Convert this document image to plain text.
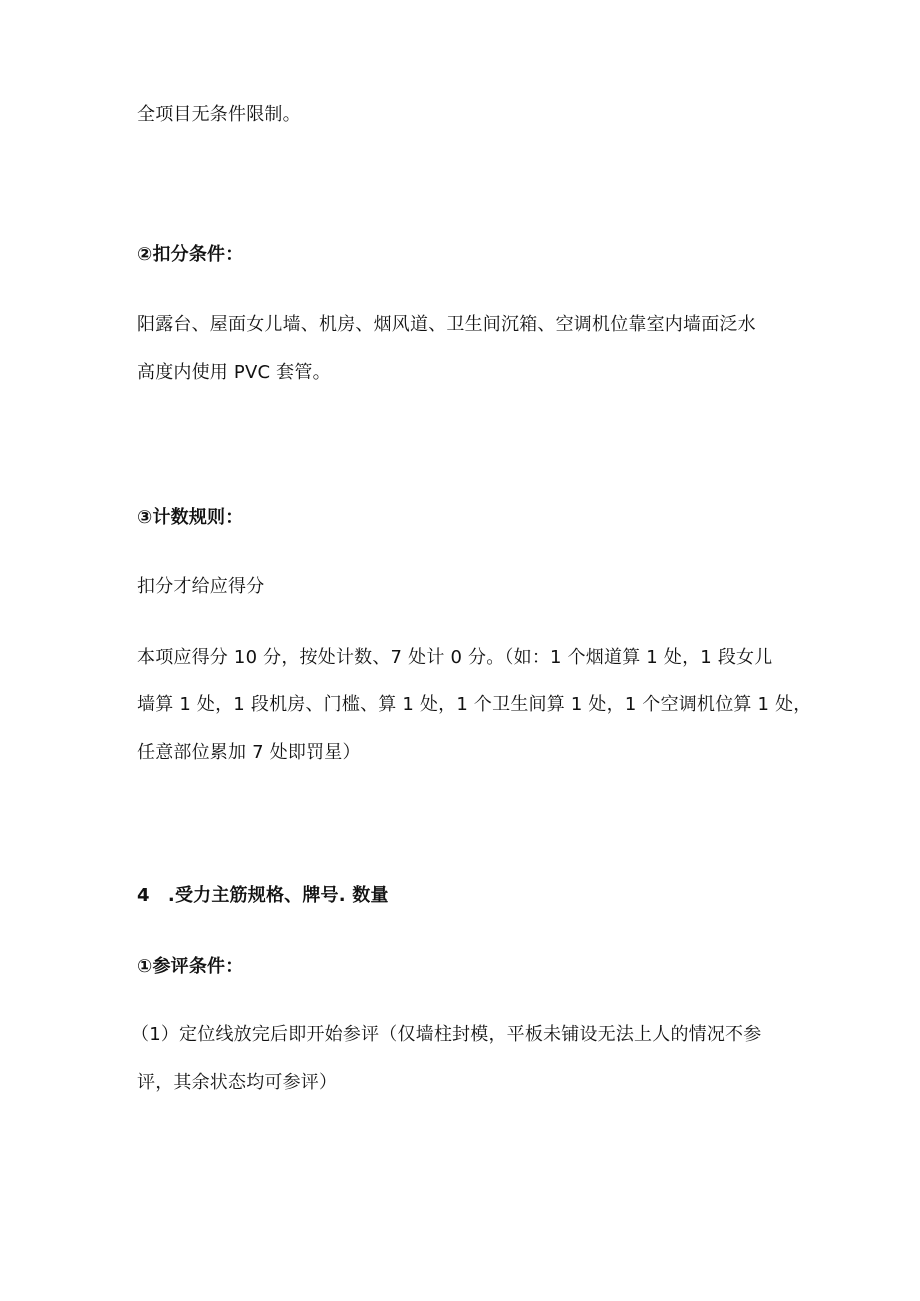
全项目无条件限制。
②扣分条件：
阳露台、屋面女儿墙、机房、烟风道、卫生间沉箱、空调机位靠室内墙面泛水
高度内使用 PVC 套管。
③计数规则：
扣分才给应得分
本项应得分 10 分，按处计数、7 处计 0 分。（如：1 个烟道算 1 处，1 段女儿
墙算 1 处，1 段机房、门槛、算 1 处，1 个卫生间算 1 处，1 个空调机位算 1 处，
任意部位累加 7 处即罚星）
4　.受力主筋规格、牌号. 数量
①参评条件：
（1）定位线放完后即开始参评（仅墙柱封模，平板未铺设无法上人的情况不参
评，其余状态均可参评）
